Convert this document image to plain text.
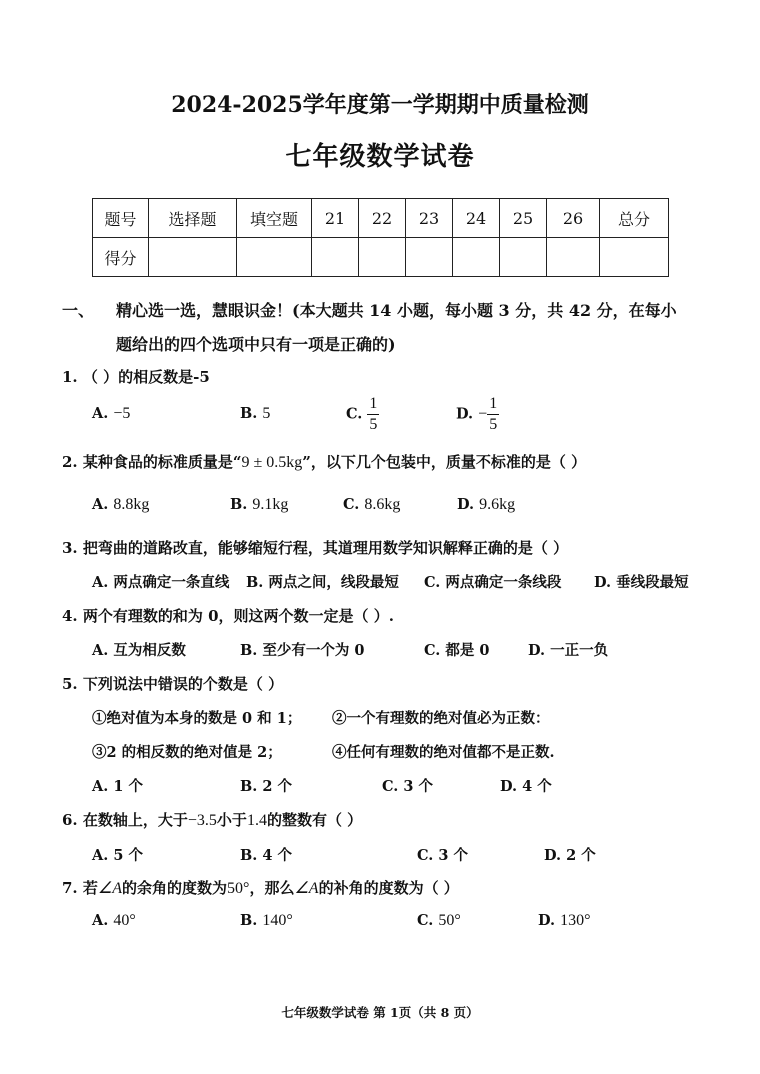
2024-2025学年度第一学期期中质量检测
七年级数学试卷
题号	选择题	填空题	21	22	23	24	25	26	总分
得分									
一、 精心选一选，慧眼识金！(本大题共 14 小题，每小题 3 分，共 42 分，在每小
题给出的四个选项中只有一项是正确的)
1. （ ）的相反数是-5
A. −5	B. 5	C. $\frac{1}{5}$	D. − $\frac{1}{5}$
2. 某种食品的标准质量是“9 ± 0.5kg”，以下几个包装中，质量不标准的是（ ）
A. 8.8kg	B. 9.1kg	C. 8.6kg	D. 9.6kg
3. 把弯曲的道路改直，能够缩短行程，其道理用数学知识解释正确的是（ ）
A. 两点确定一条直线 B. 两点之间，线段最短 C. 两点确定一条线段 D. 垂线段最短
4. 两个有理数的和为 0，则这两个数一定是（ ）.
A. 互为相反数	B. 至少有一个为 0	C. 都是 0	D. 一正一负
5. 下列说法中错误的个数是（ ）
①绝对值为本身的数是 0 和 1； ②一个有理数的绝对值必为正数：
③2 的相反数的绝对值是 2；	④任何有理数的绝对值都不是正数.
A. 1 个	B. 2 个	C. 3 个	D. 4 个
6. 在数轴上，大于−3.5小于1.4的整数有（ ）
A. 5 个	B. 4 个	C. 3 个	D. 2 个
7. 若∠A的余角的度数为50°，那么∠A的补角的度数为（ ）
A. 40°	B. 140°	C. 50°	D. 130°
七年级数学试卷 第 1页（共 8 页）
